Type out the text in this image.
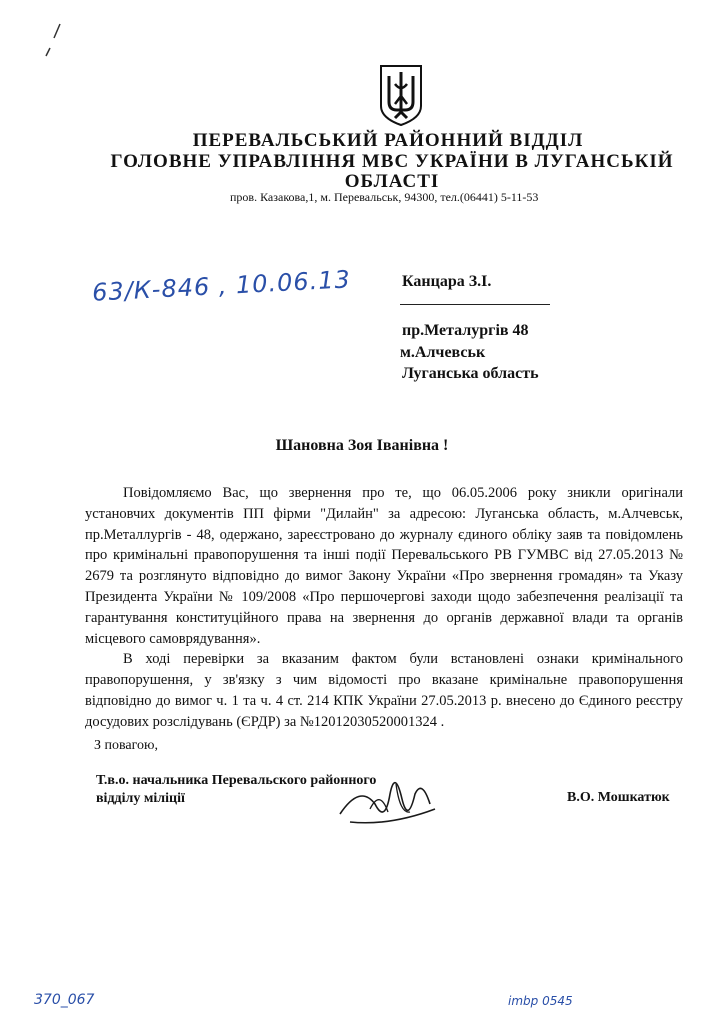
ПЕРЕВАЛЬСЬКИЙ РАЙОННИЙ ВІДДІЛ
ГОЛОВНЕ УПРАВЛІННЯ МВС УКРАЇНИ В ЛУГАНСЬКІЙ
ОБЛАСТІ
пров. Казакова,1, м. Перевальськ, 94300, тел.(06441) 5-11-53
63/К-846 , 10.06.13	Канцара З.І.
пр.Металургів 48
м.Алчевськ
Луганська область
Шановна Зоя Іванівна !

Повідомляємо Вас, що звернення про те, що 06.05.2006 року зникли оригінали установчих документів ПП фірми "Дилайн" за адресою: Луганська область, м.Алчевськ, пр.Металлургів - 48, одержано, зареєстровано до журналу єдиного обліку заяв та повідомлень про кримінальні правопорушення та інші події Перевальського РВ ГУМВС від 27.05.2013 № 2679 та розглянуто відповідно до вимог Закону України «Про звернення громадян» та Указу Президента України № 109/2008 «Про першочергові заходи щодо забезпечення реалізації та гарантування конституційного права на звернення до органів державної влади та органів місцевого самоврядування».

В ході перевірки за вказаним фактом були встановлені ознаки кримінального правопорушення, у зв'язку з чим відомості про вказане кримінальне правопорушення відповідно до вимог ч. 1 та ч. 4 ст. 214 КПК України 27.05.2013 р. внесено до Єдиного реєстру досудових розслідувань (ЄРДР) за №12012030520001324 .

З повагою,
Т.в.о. начальника Перевальского районного
відділу міліції	В.О. Мошкатюк
370_067	imbp 0545
